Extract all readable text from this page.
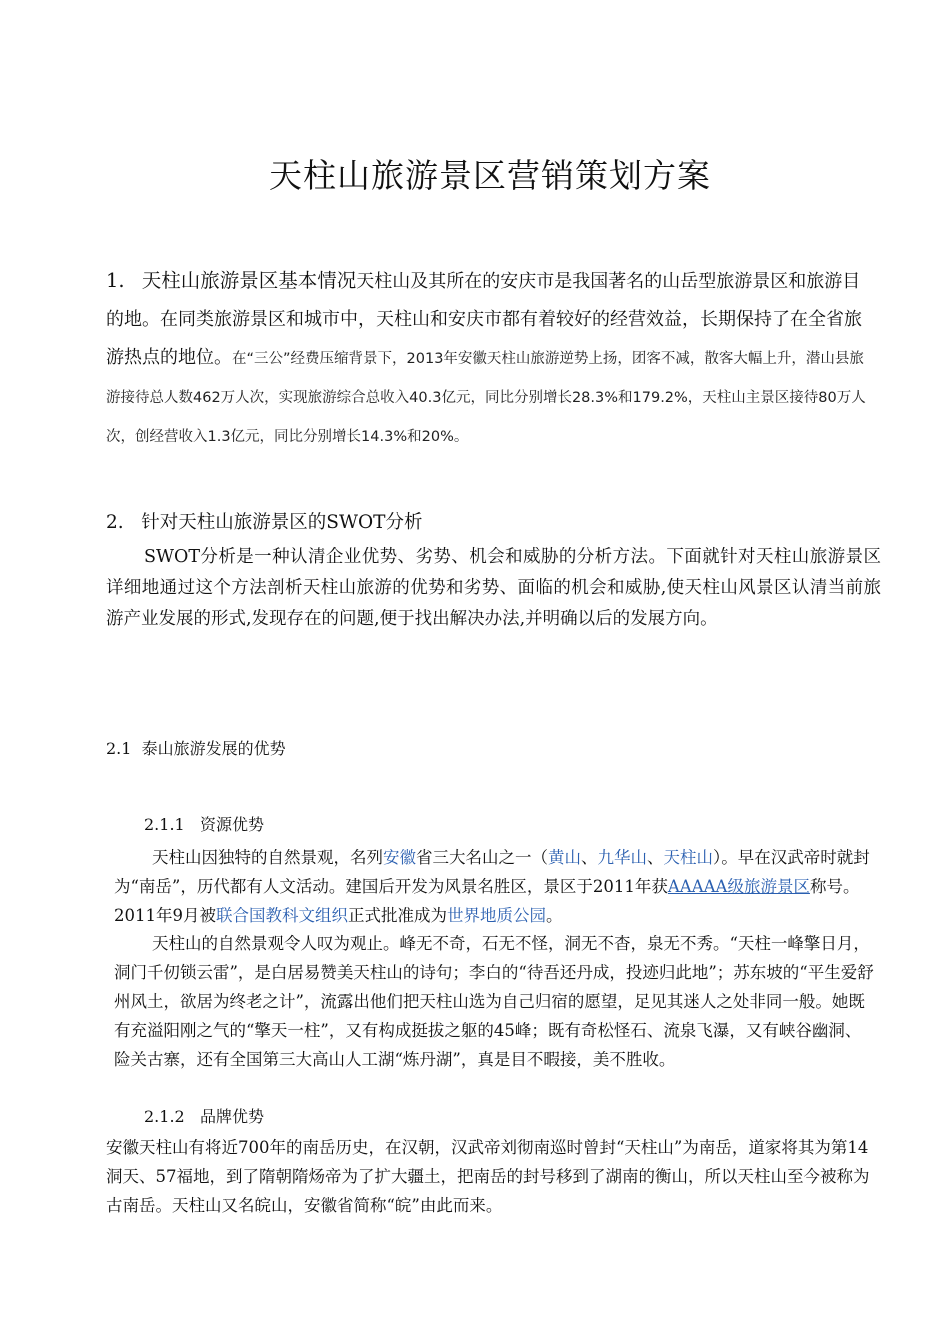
天柱山旅游景区营销策划方案

1. 天柱山旅游景区基本情况天柱山及其所在的安庆市是我国著名的山岳型旅游景区和旅游目的地。在同类旅游景区和城市中，天柱山和安庆市都有着较好的经营效益，长期保持了在全省旅游热点的地位。在“三公”经费压缩背景下，2013年安徽天柱山旅游逆势上扬，团客不减，散客大幅上升，潜山县旅游接待总人数462万人次，实现旅游综合总收入40.3亿元，同比分别增长28.3%和179.2%，天柱山主景区接待80万人次，创经营收入1.3亿元，同比分别增长14.3%和20%。

2.   针对天柱山旅游景区的SWOT分析

SWOT分析是一种认清企业优势、劣势、机会和威胁的分析方法。下面就针对天柱山旅游景区详细地通过这个方法剖析天柱山旅游的优势和劣势、面临的机会和威胁,使天柱山风景区认清当前旅游产业发展的形式,发现存在的问题,便于找出解决办法,并明确以后的发展方向。

2.1  泰山旅游发展的优势

2.1.1   资源优势

天柱山因独特的自然景观，名列安徽省三大名山之一（黄山、九华山、天柱山）。早在汉武帝时就封为“南岳”，历代都有人文活动。建国后开发为风景名胜区，景区于2011年获AAAAA级旅游景区称号。2011年9月被联合国教科文组织正式批准成为世界地质公园。

天柱山的自然景观令人叹为观止。峰无不奇，石无不怪，洞无不杳，泉无不秀。“天柱一峰擎日月，洞门千仞锁云雷”，是白居易赞美天柱山的诗句；李白的“待吾还丹成，投迹归此地”；苏东坡的“平生爱舒州风土，欲居为终老之计”，流露出他们把天柱山选为自己归宿的愿望，足见其迷人之处非同一般。她既有充溢阳刚之气的“擎天一柱”，又有构成挺拔之躯的45峰；既有奇松怪石、流泉飞瀑，又有峡谷幽洞、险关古寨，还有全国第三大高山人工湖“炼丹湖”，真是目不暇接，美不胜收。

2.1.2   品牌优势

安徽天柱山有将近700年的南岳历史，在汉朝，汉武帝刘彻南巡时曾封“天柱山”为南岳，道家将其为第14洞天、57福地，到了隋朝隋炀帝为了扩大疆土，把南岳的封号移到了湖南的衡山，所以天柱山至今被称为古南岳。天柱山又名皖山，安徽省简称“皖”由此而来。
